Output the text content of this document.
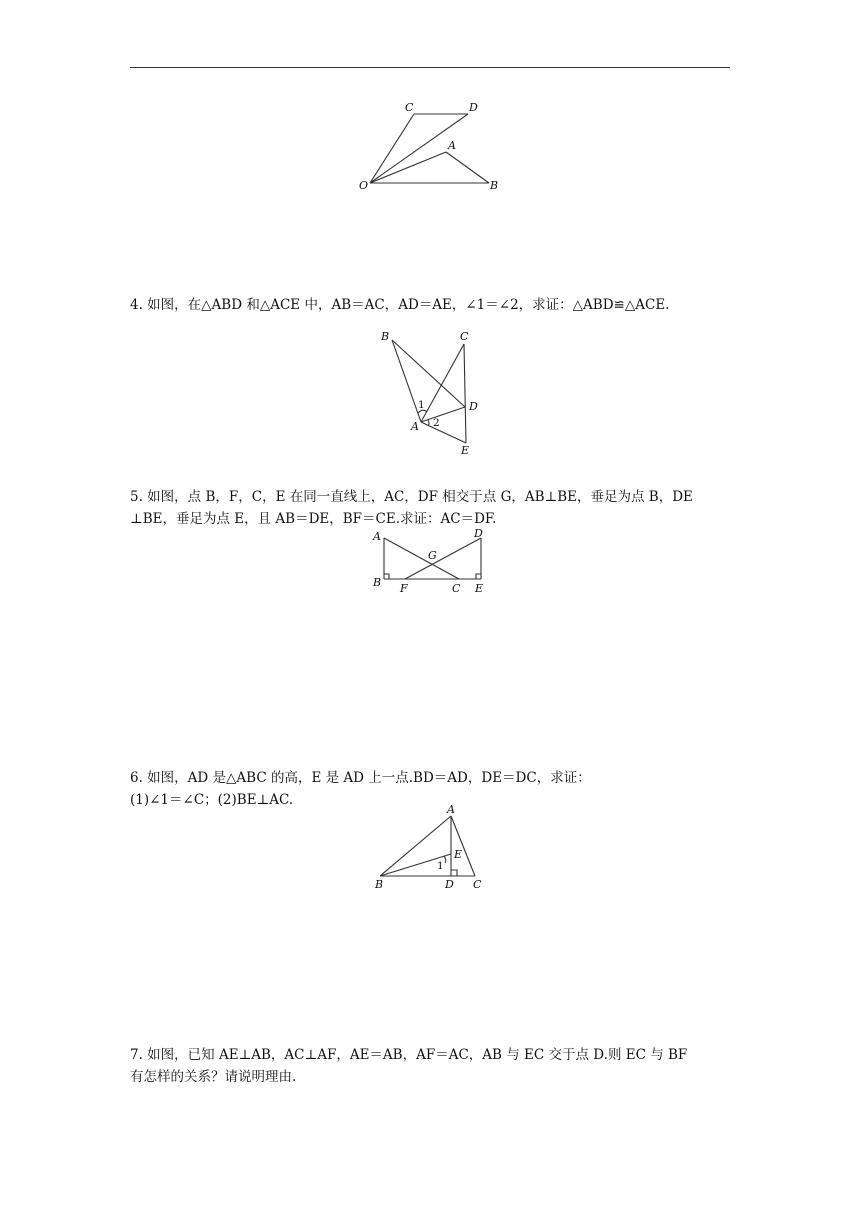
C	D
A
O	B
4. 如图，在△ABD 和△ACE 中，AB＝AC，AD＝AE，∠1＝∠2，求证：△ABD≌△ACE.
B	C
D
A
E
1
2
5. 如图，点 B，F，C，E 在同一直线上，AC，DF 相交于点 G，AB⊥BE，垂足为点 B，DE
⊥BE，垂足为点 E，且 AB＝DE，BF＝CE.求证：AC＝DF.
A	D
G
B F	C E
6. 如图，AD 是△ABC 的高，E 是 AD 上一点.BD＝AD，DE＝DC，求证：
(1)∠1＝∠C；(2)BE⊥AC.
A
E
1
B	D C
7. 如图，已知 AE⊥AB，AC⊥AF，AE＝AB，AF＝AC，AB 与 EC 交于点 D.则 EC 与 BF
有怎样的关系？请说明理由.
